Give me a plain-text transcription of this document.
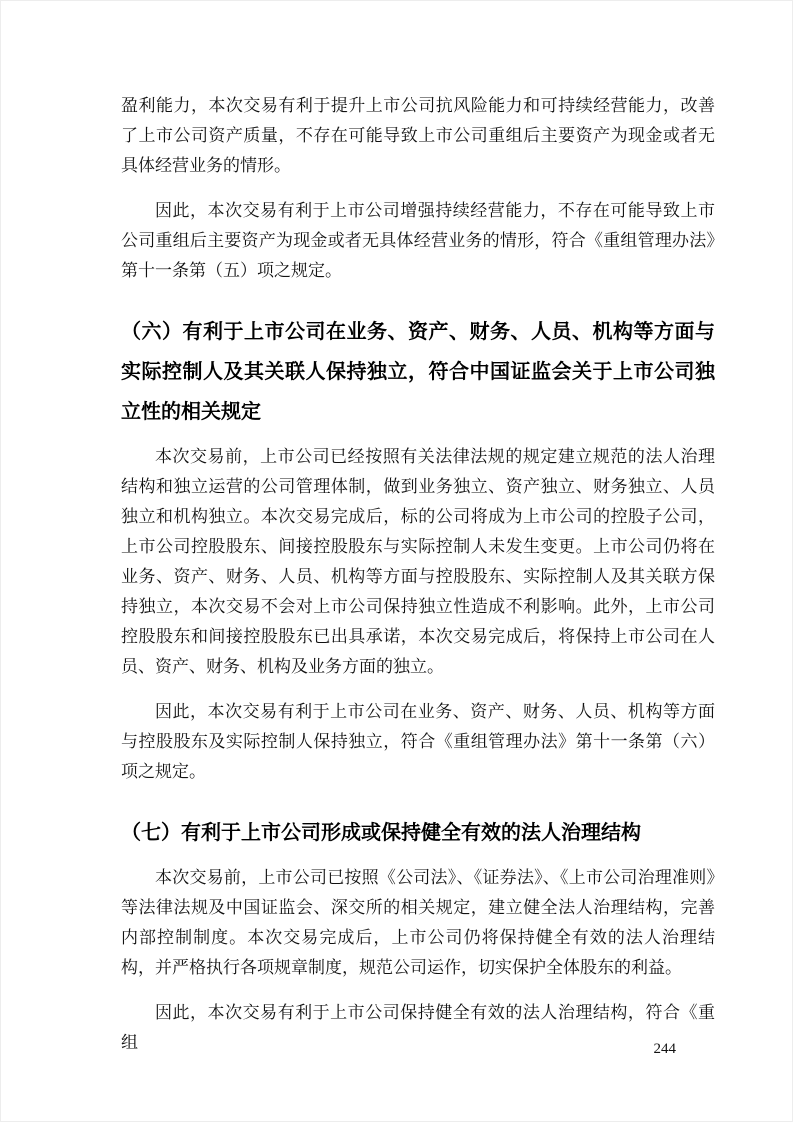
盈利能力，本次交易有利于提升上市公司抗风险能力和可持续经营能力，改善了上市公司资产质量，不存在可能导致上市公司重组后主要资产为现金或者无具体经营业务的情形。

因此，本次交易有利于上市公司增强持续经营能力，不存在可能导致上市公司重组后主要资产为现金或者无具体经营业务的情形，符合《重组管理办法》第十一条第（五）项之规定。

（六）有利于上市公司在业务、资产、财务、人员、机构等方面与实际控制人及其关联人保持独立，符合中国证监会关于上市公司独立性的相关规定

本次交易前，上市公司已经按照有关法律法规的规定建立规范的法人治理结构和独立运营的公司管理体制，做到业务独立、资产独立、财务独立、人员独立和机构独立。本次交易完成后，标的公司将成为上市公司的控股子公司，上市公司控股股东、间接控股股东与实际控制人未发生变更。上市公司仍将在业务、资产、财务、人员、机构等方面与控股股东、实际控制人及其关联方保持独立，本次交易不会对上市公司保持独立性造成不利影响。此外，上市公司控股股东和间接控股股东已出具承诺，本次交易完成后，将保持上市公司在人员、资产、财务、机构及业务方面的独立。

因此，本次交易有利于上市公司在业务、资产、财务、人员、机构等方面与控股股东及实际控制人保持独立，符合《重组管理办法》第十一条第（六）项之规定。

（七）有利于上市公司形成或保持健全有效的法人治理结构

本次交易前，上市公司已按照《公司法》、《证券法》、《上市公司治理准则》等法律法规及中国证监会、深交所的相关规定，建立健全法人治理结构，完善内部控制制度。本次交易完成后，上市公司仍将保持健全有效的法人治理结构，并严格执行各项规章制度，规范公司运作，切实保护全体股东的利益。

因此，本次交易有利于上市公司保持健全有效的法人治理结构，符合《重组	244
